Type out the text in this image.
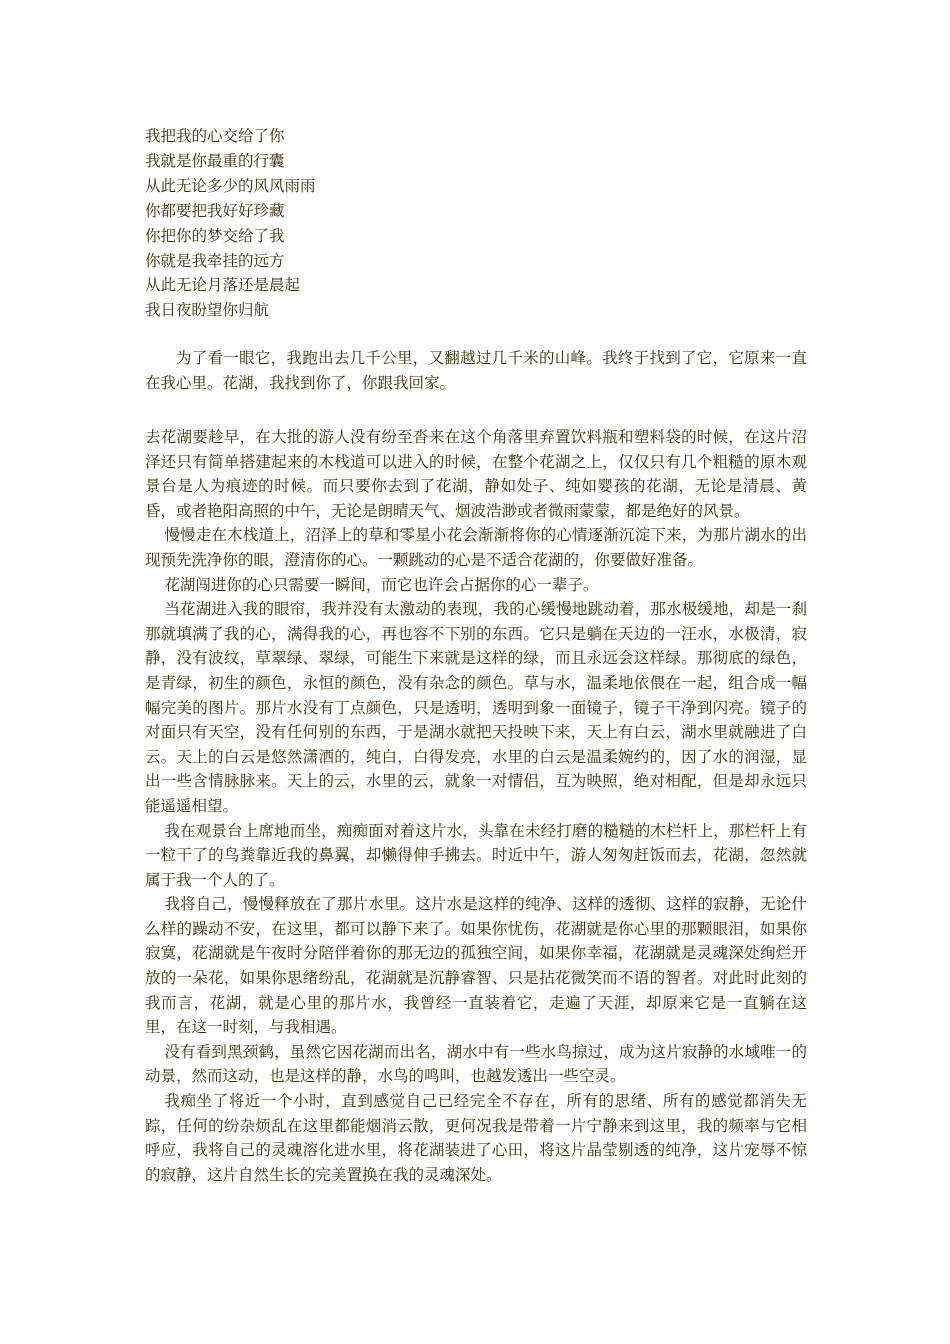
我把我的心交给了你
我就是你最重的行囊
从此无论多少的风风雨雨
你都要把我好好珍藏
你把你的梦交给了我
你就是我牵挂的远方
从此无论月落还是晨起
我日夜盼望你归航

为了看一眼它，我跑出去几千公里，又翻越过几千米的山峰。我终于找到了它，它原来一直在我心里。花湖，我找到你了，你跟我回家。

去花湖要趁早，在大批的游人没有纷至沓来在这个角落里弃置饮料瓶和塑料袋的时候，在这片沼泽还只有简单搭建起来的木栈道可以进入的时候，在整个花湖之上，仅仅只有几个粗糙的原木观景台是人为痕迹的时候。而只要你去到了花湖，静如处子、纯如婴孩的花湖，无论是清晨、黄昏，或者艳阳高照的中午，无论是朗晴天气、烟波浩渺或者微雨蒙蒙，都是绝好的风景。

慢慢走在木栈道上，沼泽上的草和零星小花会渐渐将你的心情逐渐沉淀下来，为那片湖水的出现预先洗净你的眼，澄清你的心。一颗跳动的心是不适合花湖的，你要做好准备。

花湖闯进你的心只需要一瞬间，而它也许会占据你的心一辈子。

当花湖进入我的眼帘，我并没有太激动的表现，我的心缓慢地跳动着，那水极缓地，却是一刹那就填满了我的心，满得我的心，再也容不下别的东西。它只是躺在天边的一汪水，水极清，寂静，没有波纹，草翠绿、翠绿，可能生下来就是这样的绿，而且永远会这样绿。那彻底的绿色，是青绿，初生的颜色，永恒的颜色，没有杂念的颜色。草与水，温柔地依偎在一起，组合成一幅幅完美的图片。那片水没有丁点颜色，只是透明，透明到象一面镜子，镜子干净到闪亮。镜子的对面只有天空，没有任何别的东西，于是湖水就把天投映下来，天上有白云，湖水里就融进了白云。天上的白云是悠然潇洒的，纯白，白得发亮，水里的白云是温柔婉约的，因了水的润湿，显出一些含情脉脉来。天上的云，水里的云，就象一对情侣，互为映照，绝对相配，但是却永远只能遥遥相望。

我在观景台上席地而坐，痴痴面对着这片水，头靠在未经打磨的糙糙的木栏杆上，那栏杆上有一粒干了的鸟粪靠近我的鼻翼，却懒得伸手拂去。时近中午，游人匆匆赶饭而去，花湖，忽然就属于我一个人的了。

我将自己，慢慢释放在了那片水里。这片水是这样的纯净、这样的透彻、这样的寂静，无论什么样的躁动不安，在这里，都可以静下来了。如果你忧伤，花湖就是你心里的那颗眼泪，如果你寂寞，花湖就是午夜时分陪伴着你的那无边的孤独空间，如果你幸福，花湖就是灵魂深处绚烂开放的一朵花，如果你思绪纷乱，花湖就是沉静睿智、只是拈花微笑而不语的智者。对此时此刻的我而言，花湖，就是心里的那片水，我曾经一直装着它，走遍了天涯，却原来它是一直躺在这里，在这一时刻，与我相遇。

没有看到黑颈鹤，虽然它因花湖而出名，湖水中有一些水鸟掠过，成为这片寂静的水域唯一的动景，然而这动，也是这样的静，水鸟的鸣叫，也越发透出一些空灵。

我痴坐了将近一个小时，直到感觉自己已经完全不存在，所有的思绪、所有的感觉都消失无踪，任何的纷杂烦乱在这里都能烟消云散，更何况我是带着一片宁静来到这里，我的频率与它相呼应，我将自己的灵魂溶化进水里，将花湖装进了心田，将这片晶莹剔透的纯净，这片宠辱不惊的寂静，这片自然生长的完美置换在我的灵魂深处。
